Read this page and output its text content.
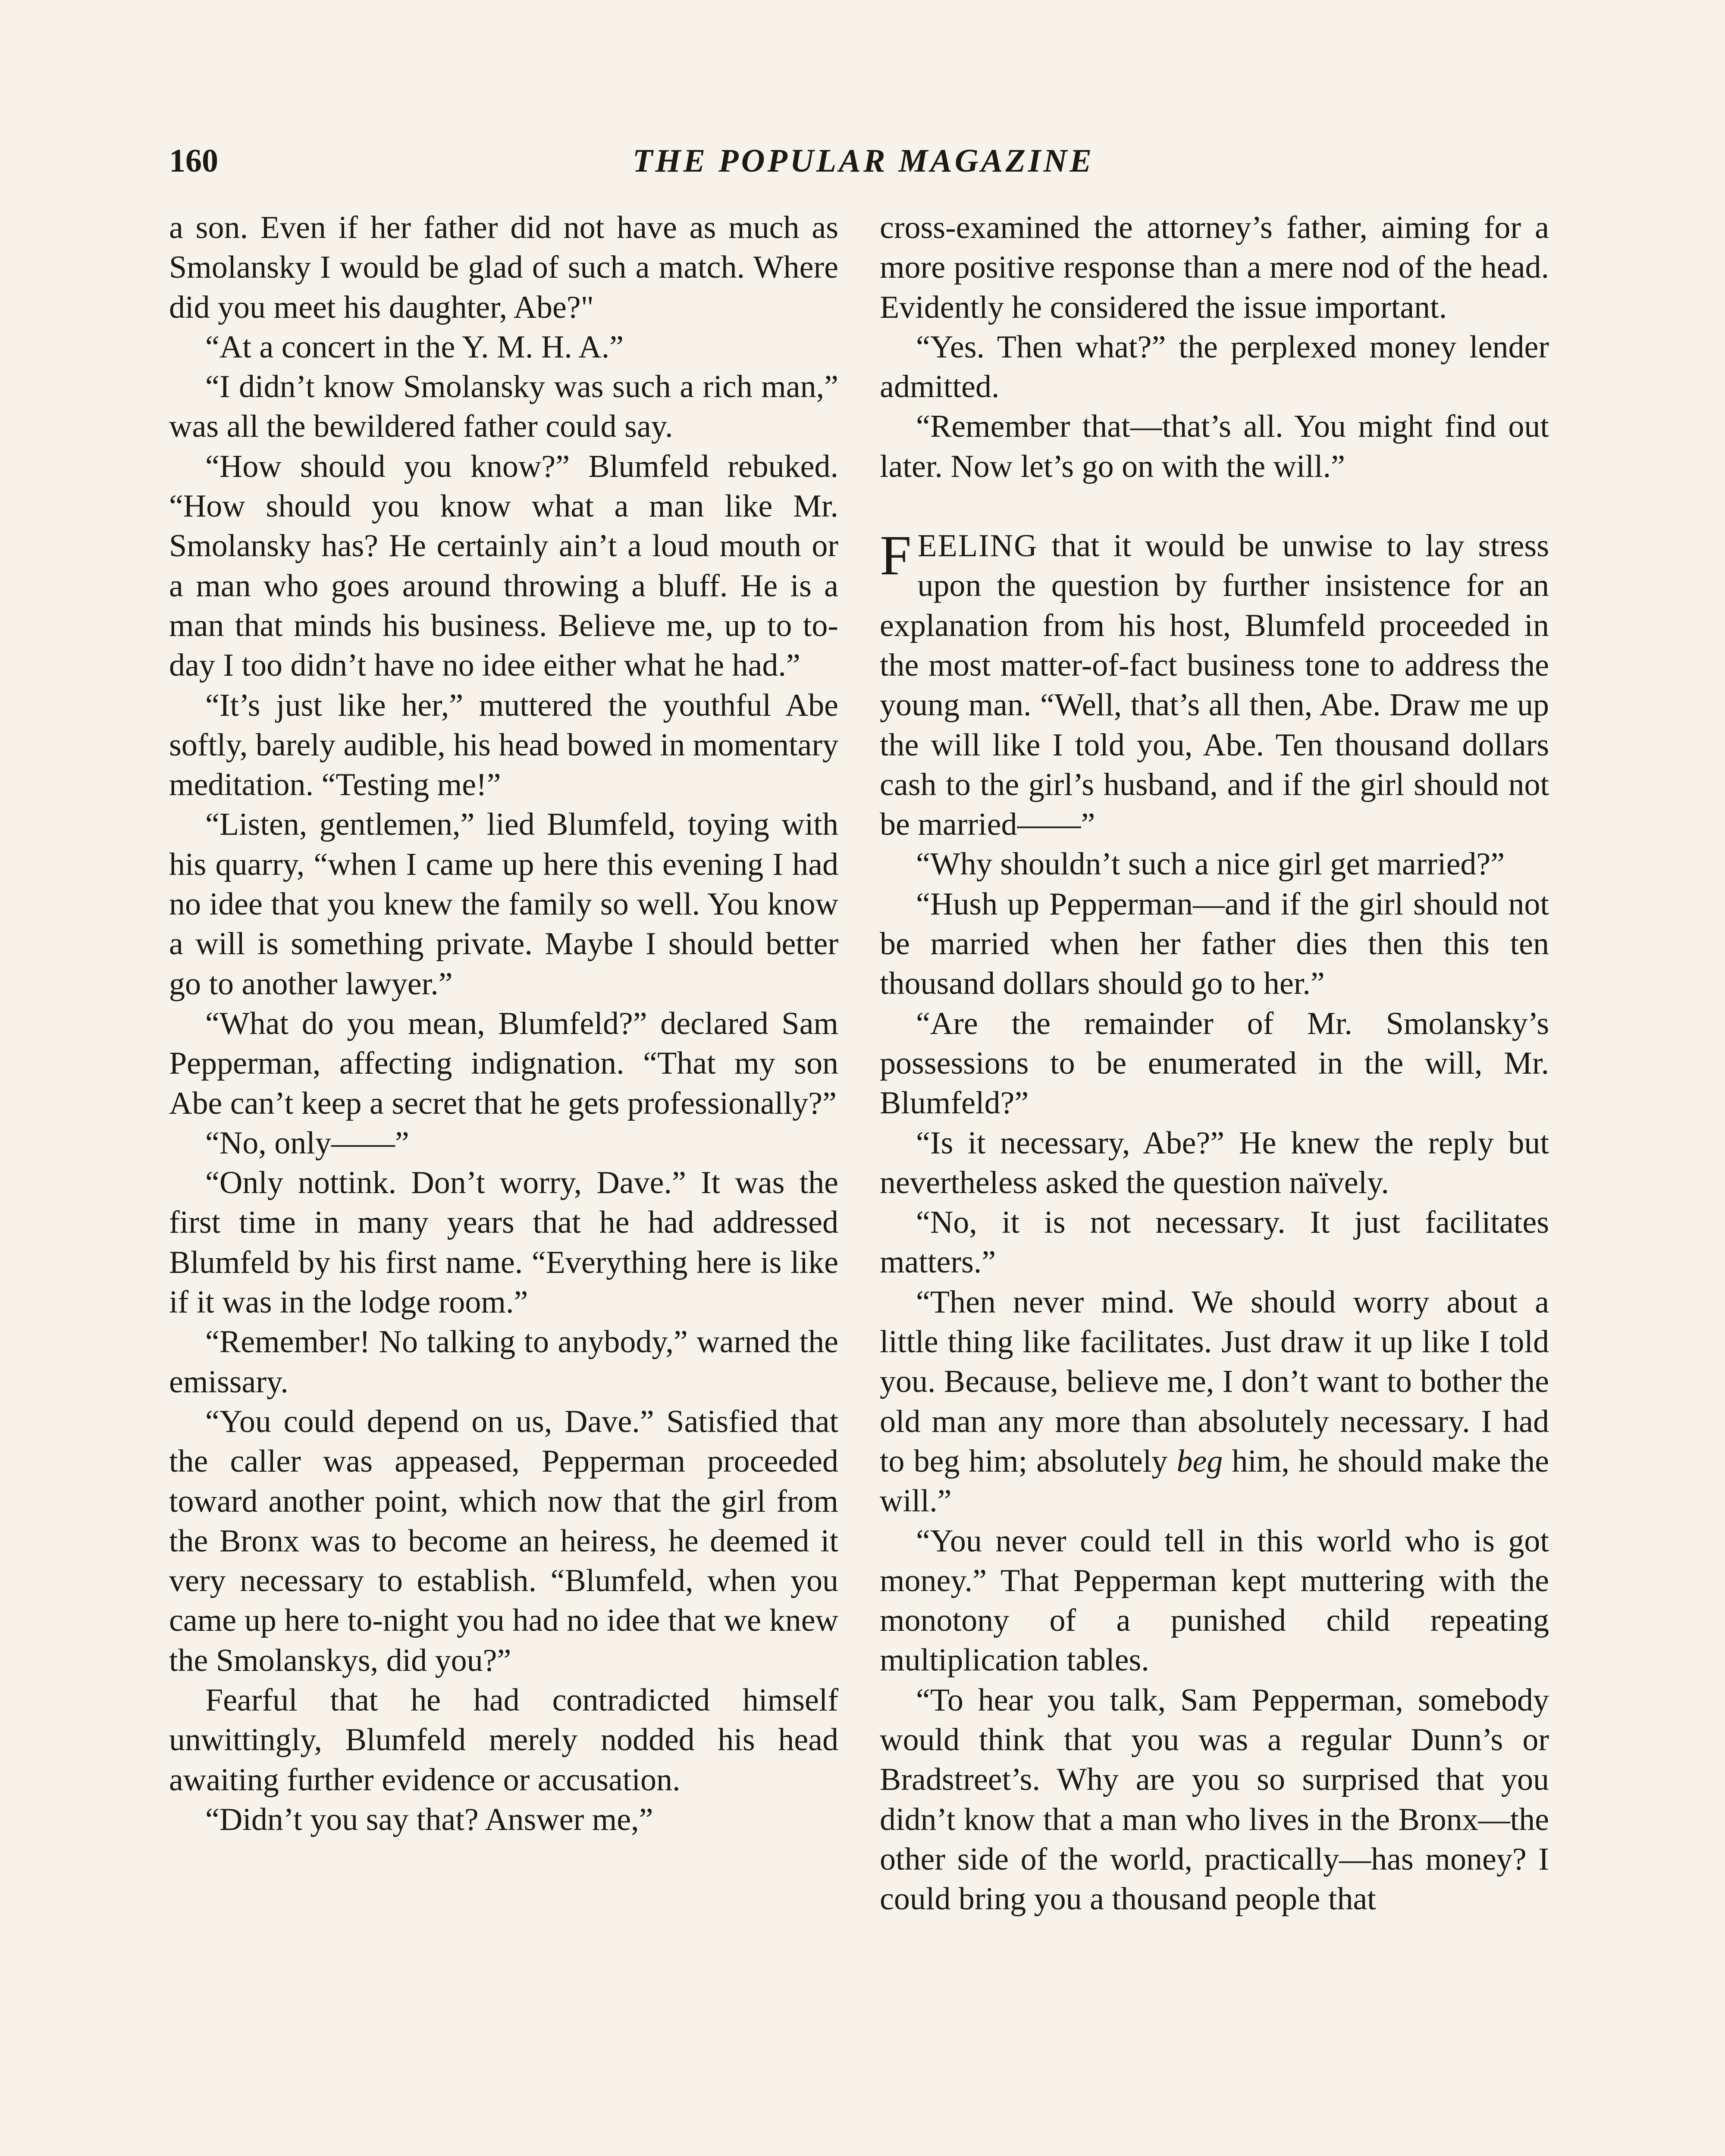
160	THE POPULAR MAGAZINE

a son. Even if her father did not have as much as Smolansky I would be glad of such a match. Where did you meet his daughter, Abe?"

“At a concert in the Y. M. H. A.”

“I didn’t know Smolansky was such a rich man,” was all the bewildered father could say.

“How should you know?” Blumfeld rebuked. “How should you know what a man like Mr. Smolansky has? He certainly ain’t a loud mouth or a man who goes around throwing a bluff. He is a man that minds his business. Believe me, up to to-day I too didn’t have no idee either what he had.”

“It’s just like her,” muttered the youthful Abe softly, barely audible, his head bowed in momentary meditation. “Testing me!”

“Listen, gentlemen,” lied Blumfeld, toying with his quarry, “when I came up here this evening I had no idee that you knew the family so well. You know a will is something private. Maybe I should better go to another lawyer.”

“What do you mean, Blumfeld?” declared Sam Pepperman, affecting indignation. “That my son Abe can’t keep a secret that he gets professionally?”

“No, only——”

“Only nottink. Don’t worry, Dave.” It was the first time in many years that he had addressed Blumfeld by his first name. “Everything here is like if it was in the lodge room.”

“Remember! No talking to anybody,” warned the emissary.

“You could depend on us, Dave.” Satisfied that the caller was appeased, Pepperman proceeded toward another point, which now that the girl from the Bronx was to become an heiress, he deemed it very necessary to establish. “Blumfeld, when you came up here to-night you had no idee that we knew the Smolanskys, did you?”

Fearful that he had contradicted himself unwittingly, Blumfeld merely nodded his head awaiting further evidence or accusation.

“Didn’t you say that? Answer me,”

cross-examined the attorney’s father, aiming for a more positive response than a mere nod of the head. Evidently he considered the issue important.

“Yes. Then what?” the perplexed money lender admitted.

“Remember that—that’s all. You might find out later. Now let’s go on with the will.”

FEELING that it would be unwise to lay stress upon the question by further insistence for an explanation from his host, Blumfeld proceeded in the most matter-of-fact business tone to address the young man. “Well, that’s all then, Abe. Draw me up the will like I told you, Abe. Ten thousand dollars cash to the girl’s husband, and if the girl should not be married——”

“Why shouldn’t such a nice girl get married?”

“Hush up Pepperman—and if the girl should not be married when her father dies then this ten thousand dollars should go to her.”

“Are the remainder of Mr. Smolansky’s possessions to be enumerated in the will, Mr. Blumfeld?”

“Is it necessary, Abe?” He knew the reply but nevertheless asked the question naïvely.

“No, it is not necessary. It just facilitates matters.”

“Then never mind. We should worry about a little thing like facilitates. Just draw it up like I told you. Because, believe me, I don’t want to bother the old man any more than absolutely necessary. I had to beg him; absolutely beg him, he should make the will.”

“You never could tell in this world who is got money.” That Pepperman kept muttering with the monotony of a punished child repeating multiplication tables.

“To hear you talk, Sam Pepperman, somebody would think that you was a regular Dunn’s or Bradstreet’s. Why are you so surprised that you didn’t know that a man who lives in the Bronx—the other side of the world, practically—has money? I could bring you a thousand people that
